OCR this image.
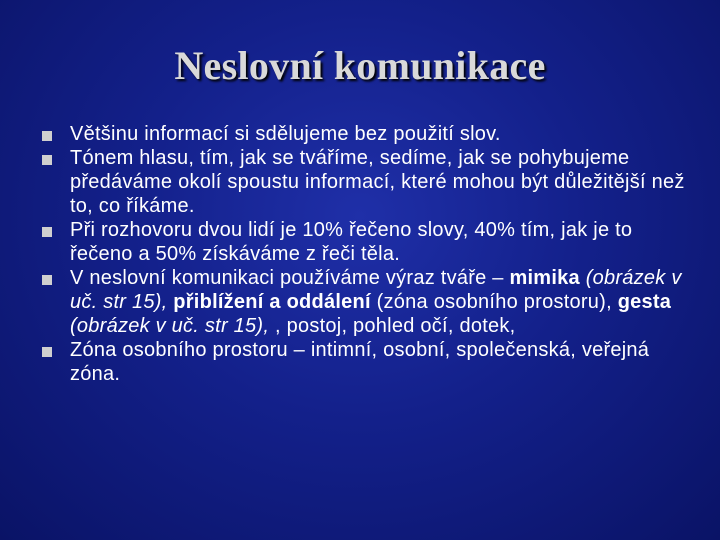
Neslovní komunikace
Většinu informací si sdělujeme bez použití slov.
Tónem hlasu, tím, jak se tváříme, sedíme, jak se pohybujeme předáváme okolí spoustu informací, které mohou být důležitější než to, co říkáme.
Při rozhovoru dvou lidí je 10% řečeno slovy, 40% tím, jak je to řečeno a 50% získáváme z řeči těla.
V neslovní komunikaci používáme výraz tváře – mimika (obrázek v uč. str 15), přiblížení a oddálení (zóna osobního prostoru), gesta (obrázek v uč. str 15), , postoj, pohled očí, dotek,
Zóna osobního prostoru – intimní, osobní, společenská, veřejná zóna.
